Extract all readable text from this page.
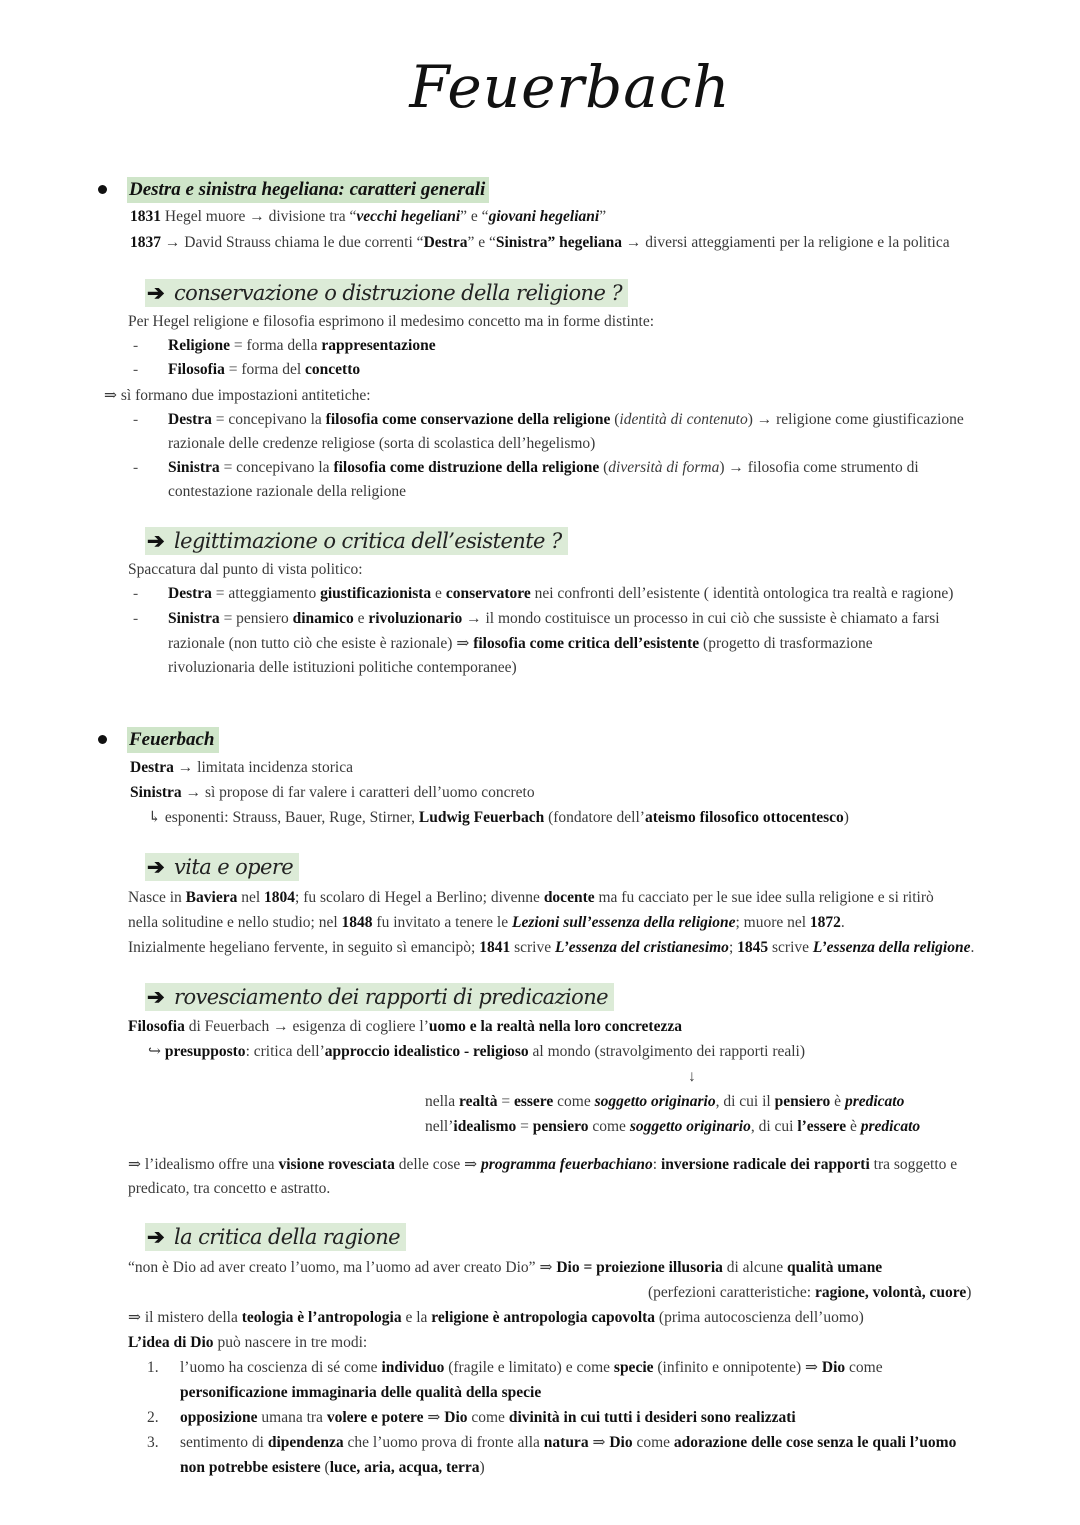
Feuerbach
Destra e sinistra hegeliana: caratteri generali
1831 Hegel muore → divisione tra “vecchi hegeliani” e “giovani hegeliani”
1837 → David Strauss chiama le due correnti “Destra” e “Sinistra” hegeliana → diversi atteggiamenti per la religione e la politica
➔ conservazione o distruzione della religione ?
Per Hegel religione e filosofia esprimono il medesimo concetto ma in forme distinte:
- Religione = forma della rappresentazione
- Filosofia = forma del concetto
⇒ sì formano due impostazioni antitetiche:
- Destra = concepivano la filosofia come conservazione della religione (identità di contenuto) → religione come giustificazione
razionale delle credenze religiose (sorta di scolastica dell’hegelismo)
- Sinistra = concepivano la filosofia come distruzione della religione (diversità di forma) → filosofia come strumento di
contestazione razionale della religione
➔ legittimazione o critica dell’esistente ?
Spaccatura dal punto di vista politico:
- Destra = atteggiamento giustificazionista e conservatore nei confronti dell’esistente ( identità ontologica tra realtà e ragione)
- Sinistra = pensiero dinamico e rivoluzionario → il mondo costituisce un processo in cui ciò che sussiste è chiamato a farsi
razionale (non tutto ciò che esiste è razionale) ⇒ filosofia come critica dell’esistente (progetto di trasformazione
rivoluzionaria delle istituzioni politiche contemporanee)
Feuerbach
Destra → limitata incidenza storica
Sinistra → sì propose di far valere i caratteri dell’uomo concreto
↳ esponenti: Strauss, Bauer, Ruge, Stirner, Ludwig Feuerbach (fondatore dell’ateismo filosofico ottocentesco)
➔ vita e opere
Nasce in Baviera nel 1804; fu scolaro di Hegel a Berlino; divenne docente ma fu cacciato per le sue idee sulla religione e si ritirò
nella solitudine e nello studio; nel 1848 fu invitato a tenere le Lezioni sull’essenza della religione; muore nel 1872.
Inizialmente hegeliano fervente, in seguito sì emancipò; 1841 scrive L’essenza del cristianesimo; 1845 scrive L’essenza della religione.
➔ rovesciamento dei rapporti di predicazione
Filosofia di Feuerbach → esigenza di cogliere l’uomo e la realtà nella loro concretezza
↪ presupposto: critica dell’approccio idealistico - religioso al mondo (stravolgimento dei rapporti reali)
↓
nella realtà = essere come soggetto originario, di cui il pensiero è predicato
nell’idealismo = pensiero come soggetto originario, di cui l’essere è predicato
⇒ l’idealismo offre una visione rovesciata delle cose ⇒ programma feuerbachiano: inversione radicale dei rapporti tra soggetto e
predicato, tra concetto e astratto.
➔ la critica della ragione
“non è Dio ad aver creato l’uomo, ma l’uomo ad aver creato Dio” ⇒ Dio = proiezione illusoria di alcune qualità umane
(perfezioni caratteristiche: ragione, volontà, cuore)
⇒ il mistero della teologia è l’antropologia e la religione è antropologia capovolta (prima autocoscienza dell’uomo)
L’idea di Dio può nascere in tre modi:
1. l’uomo ha coscienza di sé come individuo (fragile e limitato) e come specie (infinito e onnipotente) ⇒ Dio come
personificazione immaginaria delle qualità della specie
2. opposizione umana tra volere e potere ⇒ Dio come divinità in cui tutti i desideri sono realizzati
3. sentimento di dipendenza che l’uomo prova di fronte alla natura ⇒ Dio come adorazione delle cose senza le quali l’uomo
non potrebbe esistere (luce, aria, acqua, terra)
